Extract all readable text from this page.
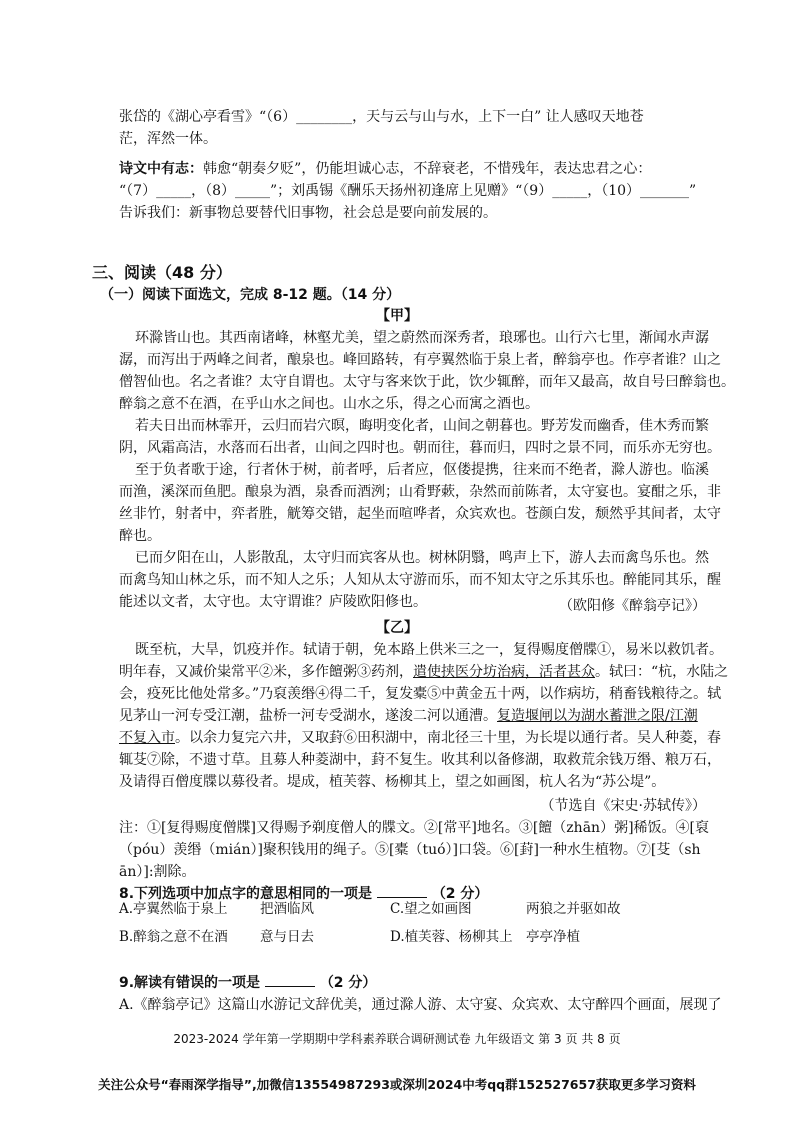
张岱的《湖心亭看雪》“（6）________，天与云与山与水，上下一白” 让人感叹天地苍
茫，浑然一体。
诗文中有志：韩愈“朝奏夕贬”，仍能坦诚心志，不辞衰老，不惜残年，表达忠君之心：
“（7）_____，（8）_____”；刘禹锡《酬乐天扬州初逢席上见赠》“（9）_____，（10）_______”
告诉我们：新事物总要替代旧事物，社会总是要向前发展的。
三、阅读（48 分）
（一）阅读下面选文，完成 8-12 题。（14 分）
【甲】
环滁皆山也。其西南诸峰，林壑尤美，望之蔚然而深秀者，琅琊也。山行六七里，渐闻水声潺
潺，而泻出于两峰之间者，酿泉也。峰回路转，有亭翼然临于泉上者，醉翁亭也。作亭者谁？山之
僧智仙也。名之者谁？太守自谓也。太守与客来饮于此，饮少辄醉，而年又最高，故自号曰醉翁也。
醉翁之意不在酒，在乎山水之间也。山水之乐，得之心而寓之酒也。
若夫日出而林霏开，云归而岩穴暝，晦明变化者，山间之朝暮也。野芳发而幽香，佳木秀而繁
阴，风霜高洁，水落而石出者，山间之四时也。朝而往，暮而归，四时之景不同，而乐亦无穷也。
至于负者歌于途，行者休于树，前者呼，后者应，伛偻提携，往来而不绝者，滁人游也。临溪
而渔，溪深而鱼肥。酿泉为酒，泉香而酒洌；山肴野蔌，杂然而前陈者，太守宴也。宴酣之乐，非
丝非竹，射者中，弈者胜，觥筹交错，起坐而喧哗者，众宾欢也。苍颜白发，颓然乎其间者，太守
醉也。
已而夕阳在山，人影散乱，太守归而宾客从也。树林阴翳，鸣声上下，游人去而禽鸟乐也。然
而禽鸟知山林之乐，而不知人之乐；人知从太守游而乐，而不知太守之乐其乐也。醉能同其乐，醒
能述以文者，太守也。太守谓谁？庐陵欧阳修也。	（欧阳修《醉翁亭记》）
【乙】
既至杭，大旱，饥疫并作。轼请于朝，免本路上供米三之一，复得赐度僧牒①，易米以救饥者。
明年春，又减价粜常平②米，多作饘粥③药剂，遣使挟医分坊治病，活者甚众。轼曰：“杭，水陆之
会，疫死比他处常多。”乃裒羡缗④得二千，复发橐⑤中黄金五十两，以作病坊，稍畜钱粮待之。轼
见茅山一河专受江潮，盐桥一河专受湖水，遂浚二河以通漕。复造堰闸以为湖水蓄泄之限/江潮
不复入市。以余力复完六井，又取葑⑥田积湖中，南北径三十里，为长堤以通行者。吴人种菱，春
辄芟⑦除，不遗寸草。且募人种菱湖中，葑不复生。收其利以备修湖，取救荒余钱万缗、粮万石，
及请得百僧度牒以募役者。堤成，植芙蓉、杨柳其上，望之如画图，杭人名为“苏公堤”。
（节选自《宋史·苏轼传》）
注：①[复得赐度僧牒]又得赐予剃度僧人的牒文。②[常平]地名。③[饘（zhān）粥]稀饭。④[裒
（póu）羡缗（mián）]聚积钱用的绳子。⑤[橐（tuó）]口袋。⑥[葑]一种水生植物。⑦[芟（sh
ān）]:割除。
8.下列选项中加点字的意思相同的一项是	（2 分）
A.亭翼然临于泉上 把酒临风	C.望之如画图	两狼之并驱如故
B.醉翁之意不在酒 意与日去	D.植芙蓉、杨柳其上 亭亭净植
9.解读有错误的一项是	（2 分）
A.《醉翁亭记》这篇山水游记文辞优美，通过滁人游、太守宴、众宾欢、太守醉四个画面，展现了
2023-2024 学年第一学期期中学科素养联合调研测试卷 九年级语文 第 3 页 共 8 页
关注公众号“春雨深学指导”,加微信13554987293或深圳2024中考qq群152527657获取更多学习资料
